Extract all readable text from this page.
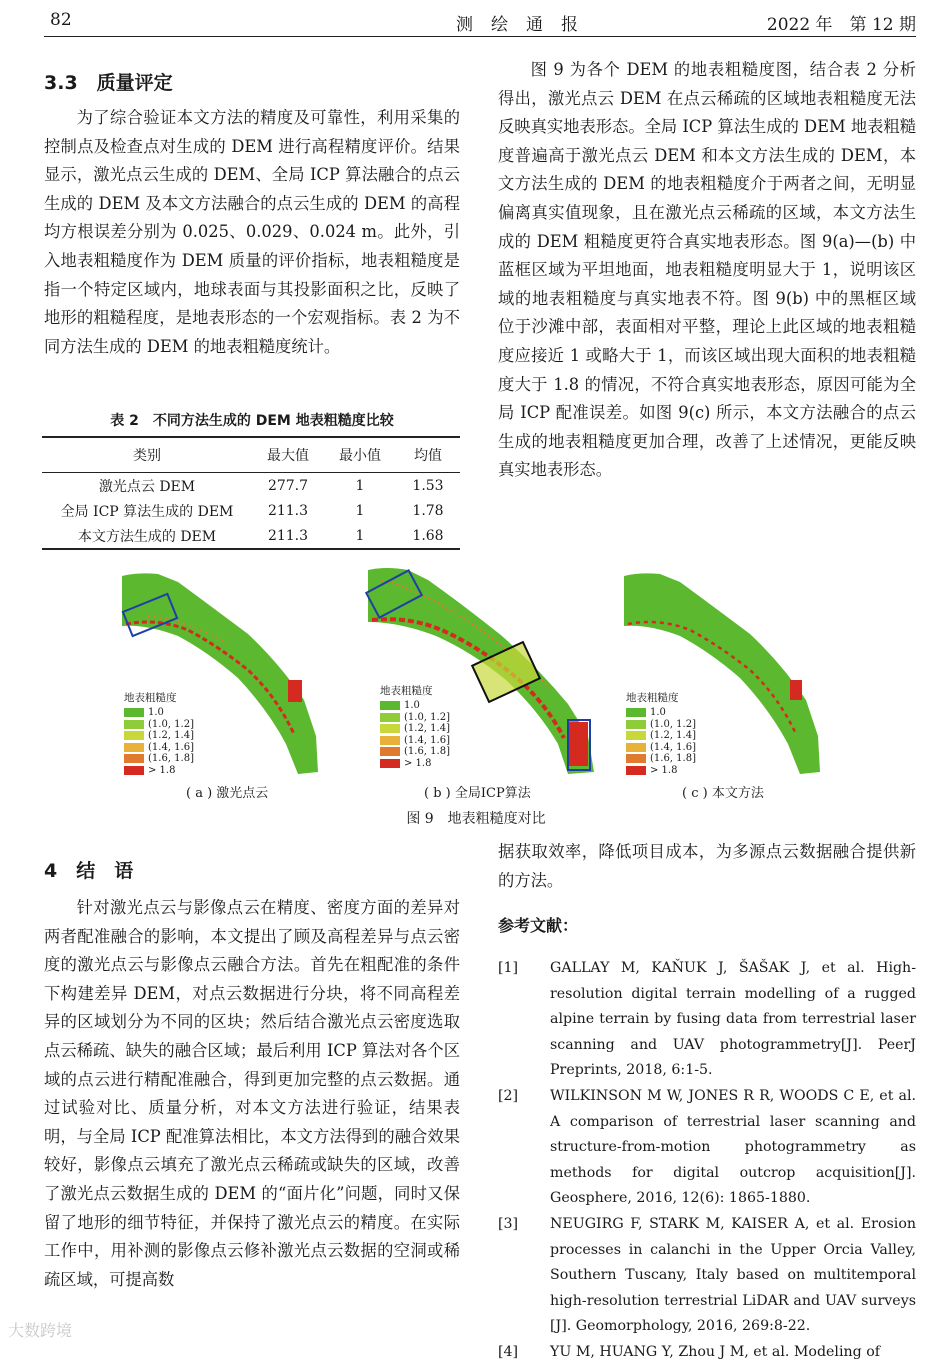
82	测绘通报	2022 年　第 12 期
3.3　质量评定

为了综合验证本文方法的精度及可靠性，利用采集的控制点及检查点对生成的 DEM 进行高程精度评价。结果显示，激光点云生成的 DEM、全局 ICP 算法融合的点云生成的 DEM 及本文方法融合的点云生成的 DEM 的高程均方根误差分别为 0.025、0.029、0.024 m。此外，引入地表粗糙度作为 DEM 质量的评价指标，地表粗糙度是指一个特定区域内，地球表面与其投影面积之比，反映了地形的粗糙程度，是地表形态的一个宏观指标。表 2 为不同方法生成的 DEM 的地表粗糙度统计。

表 2　不同方法生成的 DEM 地表粗糙度比较
类别	最大值	最小值	均值
激光点云 DEM	277.7	1	1.53
全局 ICP 算法生成的 DEM	211.3	1	1.78
本文方法生成的 DEM	211.3	1	1.68

图 9 为各个 DEM 的地表粗糙度图，结合表 2 分析得出，激光点云 DEM 在点云稀疏的区域地表粗糙度无法反映真实地表形态。全局 ICP 算法生成的 DEM 地表粗糙度普遍高于激光点云 DEM 和本文方法生成的 DEM，本文方法生成的 DEM 的地表粗糙度介于两者之间，无明显偏离真实值现象，且在激光点云稀疏的区域，本文方法生成的 DEM 粗糙度更符合真实地表形态。图 9(a)—(b) 中蓝框区域为平坦地面，地表粗糙度明显大于 1，说明该区域的地表粗糙度与真实地表不符。图 9(b) 中的黑框区域位于沙滩中部，表面相对平整，理论上此区域的地表粗糙度应接近 1 或略大于 1，而该区域出现大面积的地表粗糙度大于 1.8 的情况，不符合真实地表形态，原因可能为全局 ICP 配准误差。如图 9(c) 所示，本文方法融合的点云生成的地表粗糙度更加合理，改善了上述情况，更能反映真实地表形态。

地表粗糙度
1.0
(1.0, 1.2]
(1.2, 1.4]
(1.4, 1.6]
(1.6, 1.8]
> 1.8
地表粗糙度
1.0
(1.0, 1.2]
(1.2, 1.4]
(1.4, 1.6]
(1.6, 1.8]
> 1.8
地表粗糙度
1.0
(1.0, 1.2]
(1.2, 1.4]
(1.4, 1.6]
(1.6, 1.8]
> 1.8
( a ) 激光点云	( b ) 全局ICP算法	( c ) 本文方法
图 9　地表粗糙度对比
4　结　语

针对激光点云与影像点云在精度、密度方面的差异对两者配准融合的影响，本文提出了顾及高程差异与点云密度的激光点云与影像点云融合方法。首先在粗配准的条件下构建差异 DEM，对点云数据进行分块，将不同高程差异的区域划分为不同的区块；然后结合激光点云密度选取点云稀疏、缺失的融合区域；最后利用 ICP 算法对各个区域的点云进行精配准融合，得到更加完整的点云数据。通过试验对比、质量分析，对本文方法进行验证，结果表明，与全局 ICP 配准算法相比，本文方法得到的融合效果较好，影像点云填充了激光点云稀疏或缺失的区域，改善了激光点云数据生成的 DEM 的“面片化”问题，同时又保留了地形的细节特征，并保持了激光点云的精度。在实际工作中，用补测的影像点云修补激光点云数据的空洞或稀疏区域，可提高数

据获取效率，降低项目成本，为多源点云数据融合提供新的方法。

参考文献：
[1] GALLAY M, KAŇUK J, ŠAŠAK J, et al. High-resolution digital terrain modelling of a rugged alpine terrain by fusing data from terrestrial laser scanning and UAV photogrammetry[J]. PeerJ Preprints, 2018, 6:1-5.
[2] WILKINSON M W, JONES R R, WOODS C E, et al. A comparison of terrestrial laser scanning and structure-from-motion photogrammetry as methods for digital outcrop acquisition[J]. Geosphere, 2016, 12(6): 1865-1880.
[3] NEUGIRG F, STARK M, KAISER A, et al. Erosion processes in calanchi in the Upper Orcia Valley, Southern Tuscany, Italy based on multitemporal high-resolution terrestrial LiDAR and UAV surveys [J]. Geomorphology, 2016, 269:8-22.
[4] YU M, HUANG Y, Zhou J M, et al. Modeling of
大数跨境
